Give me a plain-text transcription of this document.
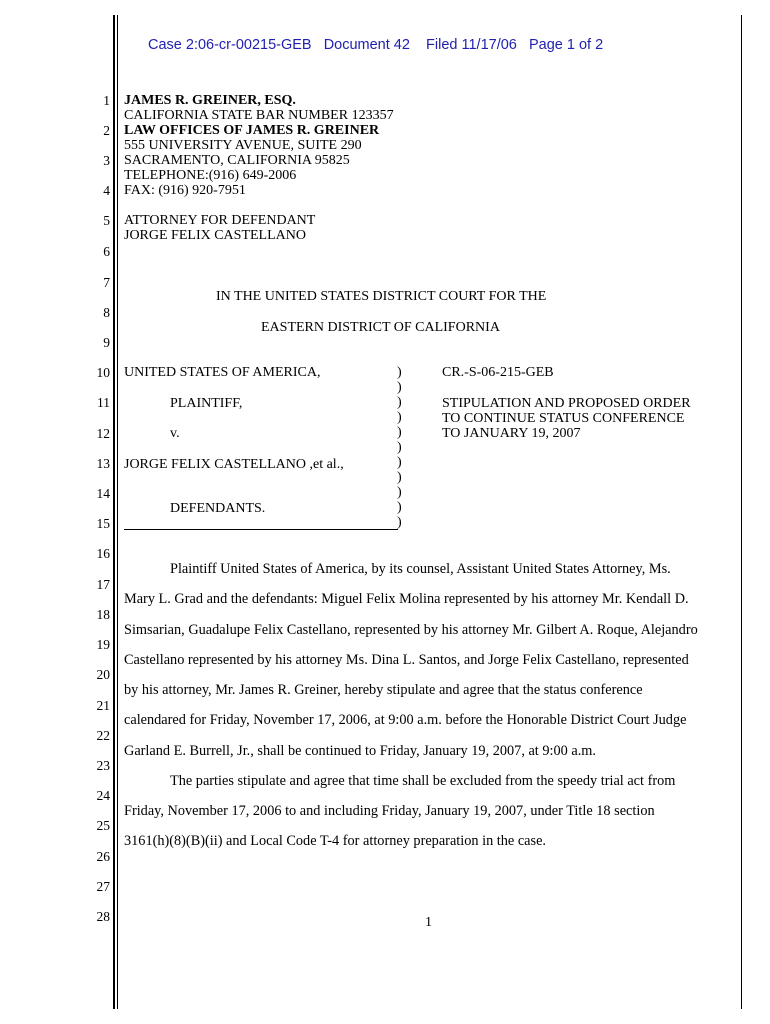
Case 2:06-cr-00215-GEB   Document 42    Filed 11/17/06   Page 1 of 2
1
2
3
4
5
6
7
8
9
10
11
12
13
14
15
16
17
18
19
20
21
22
23
24
25
26
27
28
JAMES R. GREINER, ESQ.
CALIFORNIA STATE BAR NUMBER 123357
LAW OFFICES OF JAMES R. GREINER
555 UNIVERSITY AVENUE, SUITE 290
SACRAMENTO, CALIFORNIA 95825
TELEPHONE:(916) 649-2006
FAX: (916) 920-7951
ATTORNEY FOR DEFENDANT
JORGE FELIX CASTELLANO
IN THE UNITED STATES DISTRICT COURT FOR THE
EASTERN DISTRICT OF CALIFORNIA
UNITED STATES OF AMERICA,
PLAINTIFF,
v.
JORGE FELIX CASTELLANO ,et al.,
DEFENDANTS.
)
)
)
)
)
)
)
)
)
)
)
CR.-S-06-215-GEB
STIPULATION AND PROPOSED ORDER
TO CONTINUE STATUS CONFERENCE
TO JANUARY 19, 2007
Plaintiff United States of America, by its counsel, Assistant United States Attorney, Ms.
Mary L. Grad and the defendants: Miguel Felix Molina represented by his attorney Mr. Kendall D.
Simsarian, Guadalupe Felix Castellano, represented by his attorney Mr. Gilbert A. Roque, Alejandro
Castellano represented by his attorney Ms. Dina L. Santos, and Jorge Felix Castellano, represented
by his attorney, Mr. James R. Greiner, hereby stipulate and agree that the status conference
calendared for Friday, November 17, 2006, at 9:00 a.m. before the Honorable District Court Judge
Garland E. Burrell, Jr., shall be continued to Friday, January 19, 2007, at 9:00 a.m.
The parties stipulate and agree that time shall be excluded from the speedy trial act from
Friday, November 17, 2006 to and including Friday, January 19, 2007, under Title 18 section
3161(h)(8)(B)(ii) and Local Code T-4 for attorney preparation in the case.
1
